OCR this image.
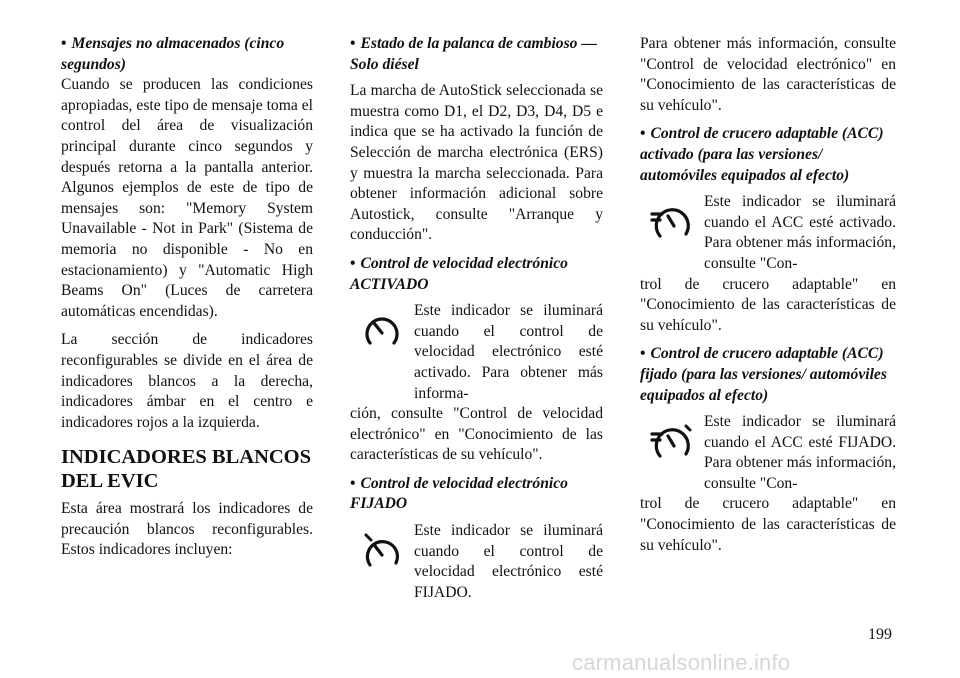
• Mensajes no almacenados (cinco segundos)

Cuando se producen las condiciones apropiadas, este tipo de mensaje toma el control del área de visualización principal durante cinco segundos y después retorna a la pantalla anterior. Algunos ejemplos de este de tipo de mensajes son: "Memory System Unavailable - Not in Park" (Sistema de memoria no disponible - No en estacionamiento) y "Automatic High Beams On" (Luces de carretera automáticas encendidas).

La sección de indicadores reconfigurables se divide en el área de indicadores blancos a la derecha, indicadores ámbar en el centro e indicadores rojos a la izquierda.

INDICADORES BLANCOS DEL EVIC

Esta área mostrará los indicadores de precaución blancos reconfigurables. Estos indicadores incluyen:

• Estado de la palanca de cambioso — Solo diésel

La marcha de AutoStick seleccionada se muestra como D1, el D2, D3, D4, D5 e indica que se ha activado la función de Selección de marcha electrónica (ERS) y muestra la marcha seleccionada. Para obtener información adicional sobre Autostick, consulte "Arranque y conducción".

• Control de velocidad electrónico ACTIVADO

Este indicador se iluminará cuando el control de velocidad electrónico esté activado. Para obtener más informa-

ción, consulte "Control de velocidad electrónico" en "Conocimiento de las características de su vehículo".

• Control de velocidad electrónico FIJADO

Este indicador se iluminará cuando el control de velocidad electrónico esté FIJADO.

Para obtener más información, consulte "Control de velocidad electrónico" en "Conocimiento de las características de su vehículo".

• Control de crucero adaptable (ACC) activado (para las versiones/ automóviles equipados al efecto)

Este indicador se iluminará cuando el ACC esté activado. Para obtener más información, consulte "Con-

trol de crucero adaptable" en "Conocimiento de las características de su vehículo".

• Control de crucero adaptable (ACC) fijado (para las versiones/ automóviles equipados al efecto)

Este indicador se iluminará cuando el ACC esté FIJADO. Para obtener más información, consulte "Con-

trol de crucero adaptable" en "Conocimiento de las características de su vehículo".

199
carmanualsonline.info
